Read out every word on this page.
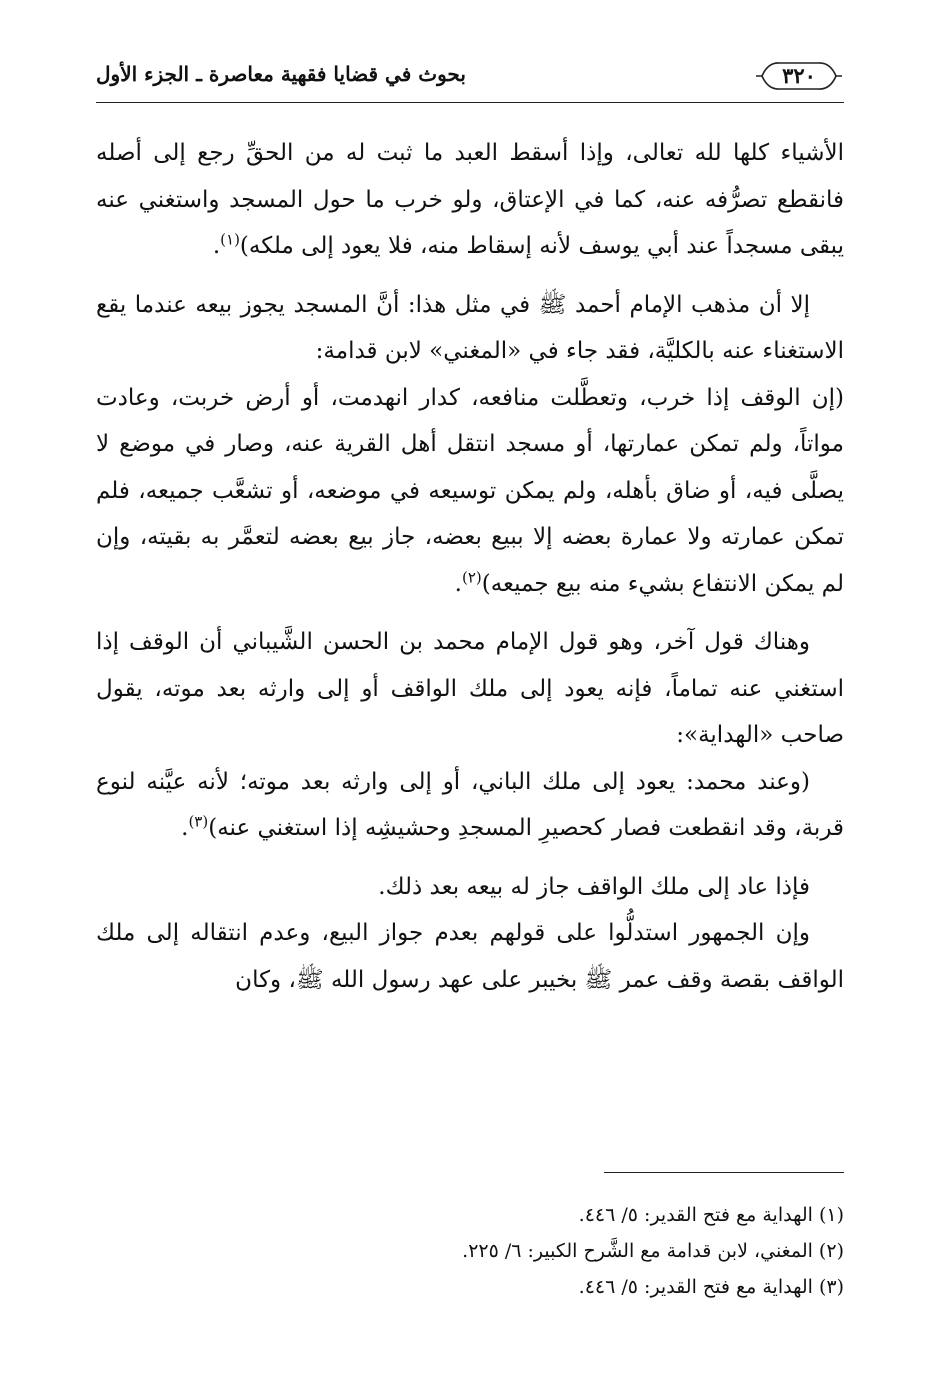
٣٢٠
بحوث في قضايا فقهية معاصرة ـ الجزء الأول

الأشياء كلها لله تعالى، وإذا أسقط العبد ما ثبت له من الحقِّ رجع إلى أصله فانقطع تصرُّفه عنه، كما في الإعتاق، ولو خرب ما حول المسجد واستغني عنه يبقى مسجداً عند أبي يوسف لأنه إسقاط منه، فلا يعود إلى ملكه)$^{(١)}$.

إلا أن مذهب الإمام أحمد ﷺ في مثل هذا: أنَّ المسجد يجوز بيعه عندما يقع الاستغناء عنه بالكليَّة، فقد جاء في «المغني» لابن قدامة:

(إن الوقف إذا خرب، وتعطَّلت منافعه، كدار انهدمت، أو أرض خربت، وعادت مواتاً، ولم تمكن عمارتها، أو مسجد انتقل أهل القرية عنه، وصار في موضع لا يصلَّى فيه، أو ضاق بأهله، ولم يمكن توسيعه في موضعه، أو تشعَّب جميعه، فلم تمكن عمارته ولا عمارة بعضه إلا ببيع بعضه، جاز بيع بعضه لتعمَّر به بقيته، وإن لم يمكن الانتفاع بشيء منه بيع جميعه)$^{(٢)}$.

وهناك قول آخر، وهو قول الإمام محمد بن الحسن الشَّيباني أن الوقف إذا استغني عنه تماماً، فإنه يعود إلى ملك الواقف أو إلى وارثه بعد موته، يقول صاحب «الهداية»:

(وعند محمد: يعود إلى ملك الباني، أو إلى وارثه بعد موته؛ لأنه عيَّنه لنوع قربة، وقد انقطعت فصار كحصيرِ المسجدِ وحشيشِه إذا استغني عنه)$^{(٣)}$.

فإذا عاد إلى ملك الواقف جاز له بيعه بعد ذلك.

وإن الجمهور استدلُّوا على قولهم بعدم جواز البيع، وعدم انتقاله إلى ملك الواقف بقصة وقف عمر ﷺ بخيبر على عهد رسول الله ﷺ، وكان

(١) الهداية مع فتح القدير: ٥/ ٤٤٦.
(٢) المغني، لابن قدامة مع الشَّرح الكبير: ٦/ ٢٢٥.
(٣) الهداية مع فتح القدير: ٥/ ٤٤٦.
